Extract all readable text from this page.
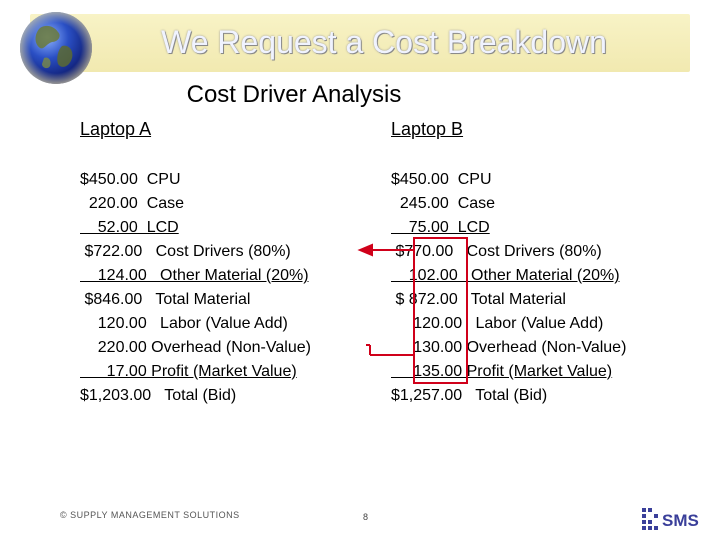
We Request a Cost Breakdown
Cost Driver Analysis
Laptop A
$450.00  CPU
220.00  Case
52.00  LCD
$722.00   Cost Drivers (80%)
124.00   Other Material (20%)
$846.00   Total Material
120.00   Labor (Value Add)
220.00 Overhead (Non-Value)
17.00 Profit (Market Value)
$1,203.00   Total (Bid)
Laptop B
$450.00  CPU
245.00  Case
75.00  LCD
$770.00   Cost Drivers (80%)
102.00   Other Material (20%)
$ 872.00   Total Material
120.00   Labor (Value Add)
130.00 Overhead (Non-Value)
135.00 Profit (Market Value)
$1,257.00   Total (Bid)
© SUPPLY MANAGEMENT SOLUTIONS	8	SMS
